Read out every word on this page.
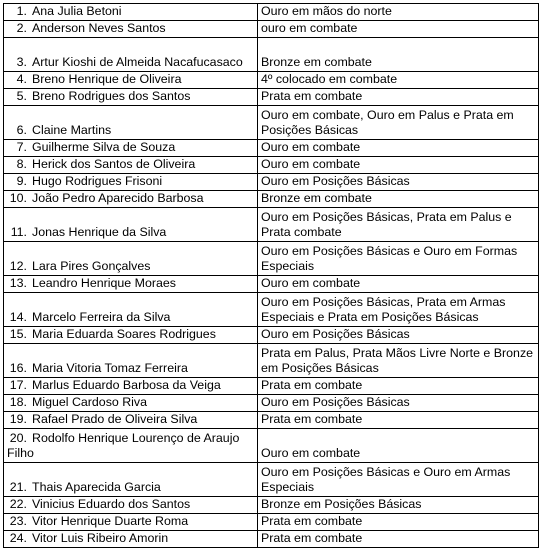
1. Ana Julia Betoni	Ouro em mãos do norte
2. Anderson Neves Santos	ouro em combate
3. Artur Kioshi de Almeida Nacafucasaco	Bronze em combate
4. Breno Henrique de Oliveira	4º colocado em combate
5. Breno Rodrigues dos Santos	Prata em combate
6. Claine Martins	Ouro em combate, Ouro em Palus e Prata em Posições Básicas
7. Guilherme Silva de Souza	Ouro em combate
8. Herick dos Santos de Oliveira	Ouro em combate
9. Hugo Rodrigues Frisoni	Ouro em Posições Básicas
10. João Pedro Aparecido Barbosa	Bronze em combate
11. Jonas Henrique da Silva	Ouro em Posições Básicas, Prata em Palus e Prata combate
12. Lara Pires Gonçalves	Ouro em Posições Básicas e Ouro em Formas Especiais
13. Leandro Henrique Moraes	Ouro em combate
14. Marcelo Ferreira da Silva	Ouro em Posições Básicas, Prata em Armas Especiais e Prata em Posições Básicas
15. Maria Eduarda Soares Rodrigues	Ouro em Posições Básicas
16. Maria Vitoria Tomaz Ferreira	Prata em Palus, Prata Mãos Livre Norte e Bronze em Posições Básicas
17. Marlus Eduardo Barbosa da Veiga	Prata em combate
18. Miguel Cardoso Riva	Ouro em Posições Básicas
19. Rafael Prado de Oliveira Silva	Prata em combate
20. Rodolfo Henrique Lourenço de Araujo Filho	Ouro em combate
21. Thais Aparecida Garcia	Ouro em Posições Básicas e Ouro em Armas Especiais
22. Vinicius Eduardo dos Santos	Bronze em Posições Básicas
23. Vitor Henrique Duarte Roma	Prata em combate
24. Vitor Luis Ribeiro Amorin	Prata em combate
